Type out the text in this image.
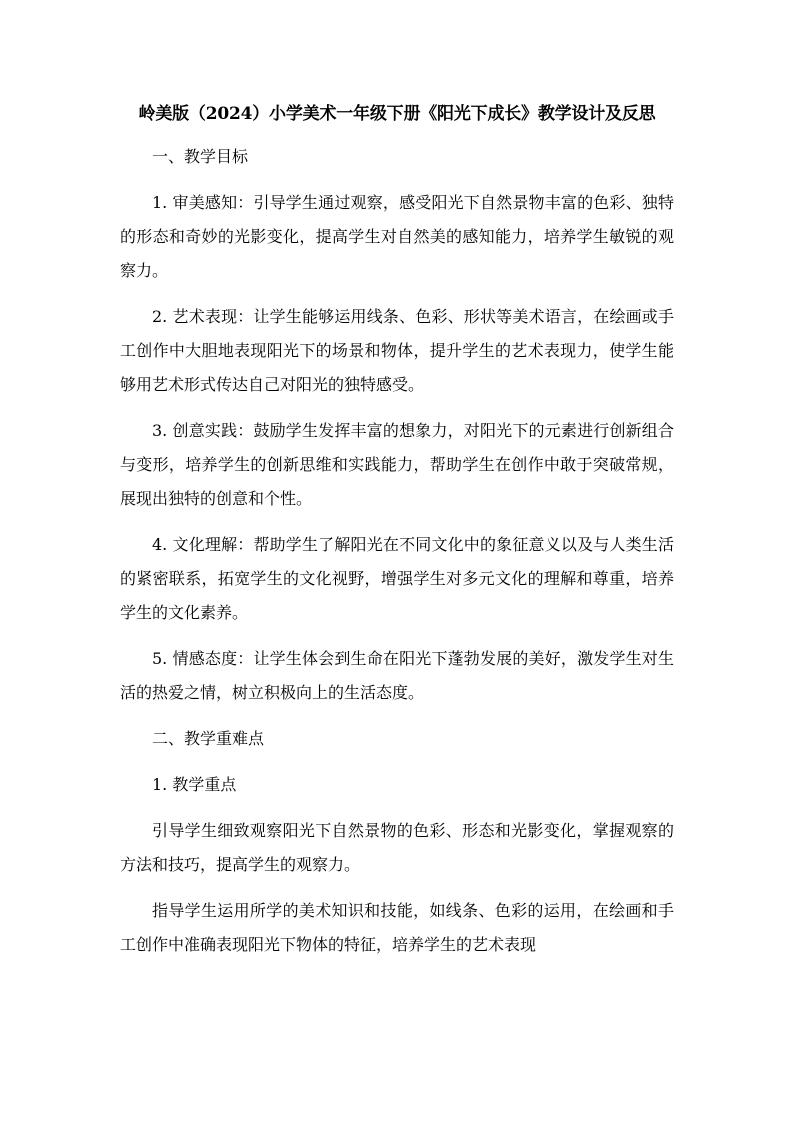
岭美版（2024）小学美术一年级下册《阳光下成长》教学设计及反思

一、教学目标

1. 审美感知：引导学生通过观察，感受阳光下自然景物丰富的色彩、独特的形态和奇妙的光影变化，提高学生对自然美的感知能力，培养学生敏锐的观察力。

2. 艺术表现：让学生能够运用线条、色彩、形状等美术语言，在绘画或手工创作中大胆地表现阳光下的场景和物体，提升学生的艺术表现力，使学生能够用艺术形式传达自己对阳光的独特感受。

3. 创意实践：鼓励学生发挥丰富的想象力，对阳光下的元素进行创新组合与变形，培养学生的创新思维和实践能力，帮助学生在创作中敢于突破常规，展现出独特的创意和个性。

4. 文化理解：帮助学生了解阳光在不同文化中的象征意义以及与人类生活的紧密联系，拓宽学生的文化视野，增强学生对多元文化的理解和尊重，培养学生的文化素养。

5. 情感态度：让学生体会到生命在阳光下蓬勃发展的美好，激发学生对生活的热爱之情，树立积极向上的生活态度。

二、教学重难点

1. 教学重点

引导学生细致观察阳光下自然景物的色彩、形态和光影变化，掌握观察的方法和技巧，提高学生的观察力。

指导学生运用所学的美术知识和技能，如线条、色彩的运用，在绘画和手工创作中准确表现阳光下物体的特征，培养学生的艺术表现
